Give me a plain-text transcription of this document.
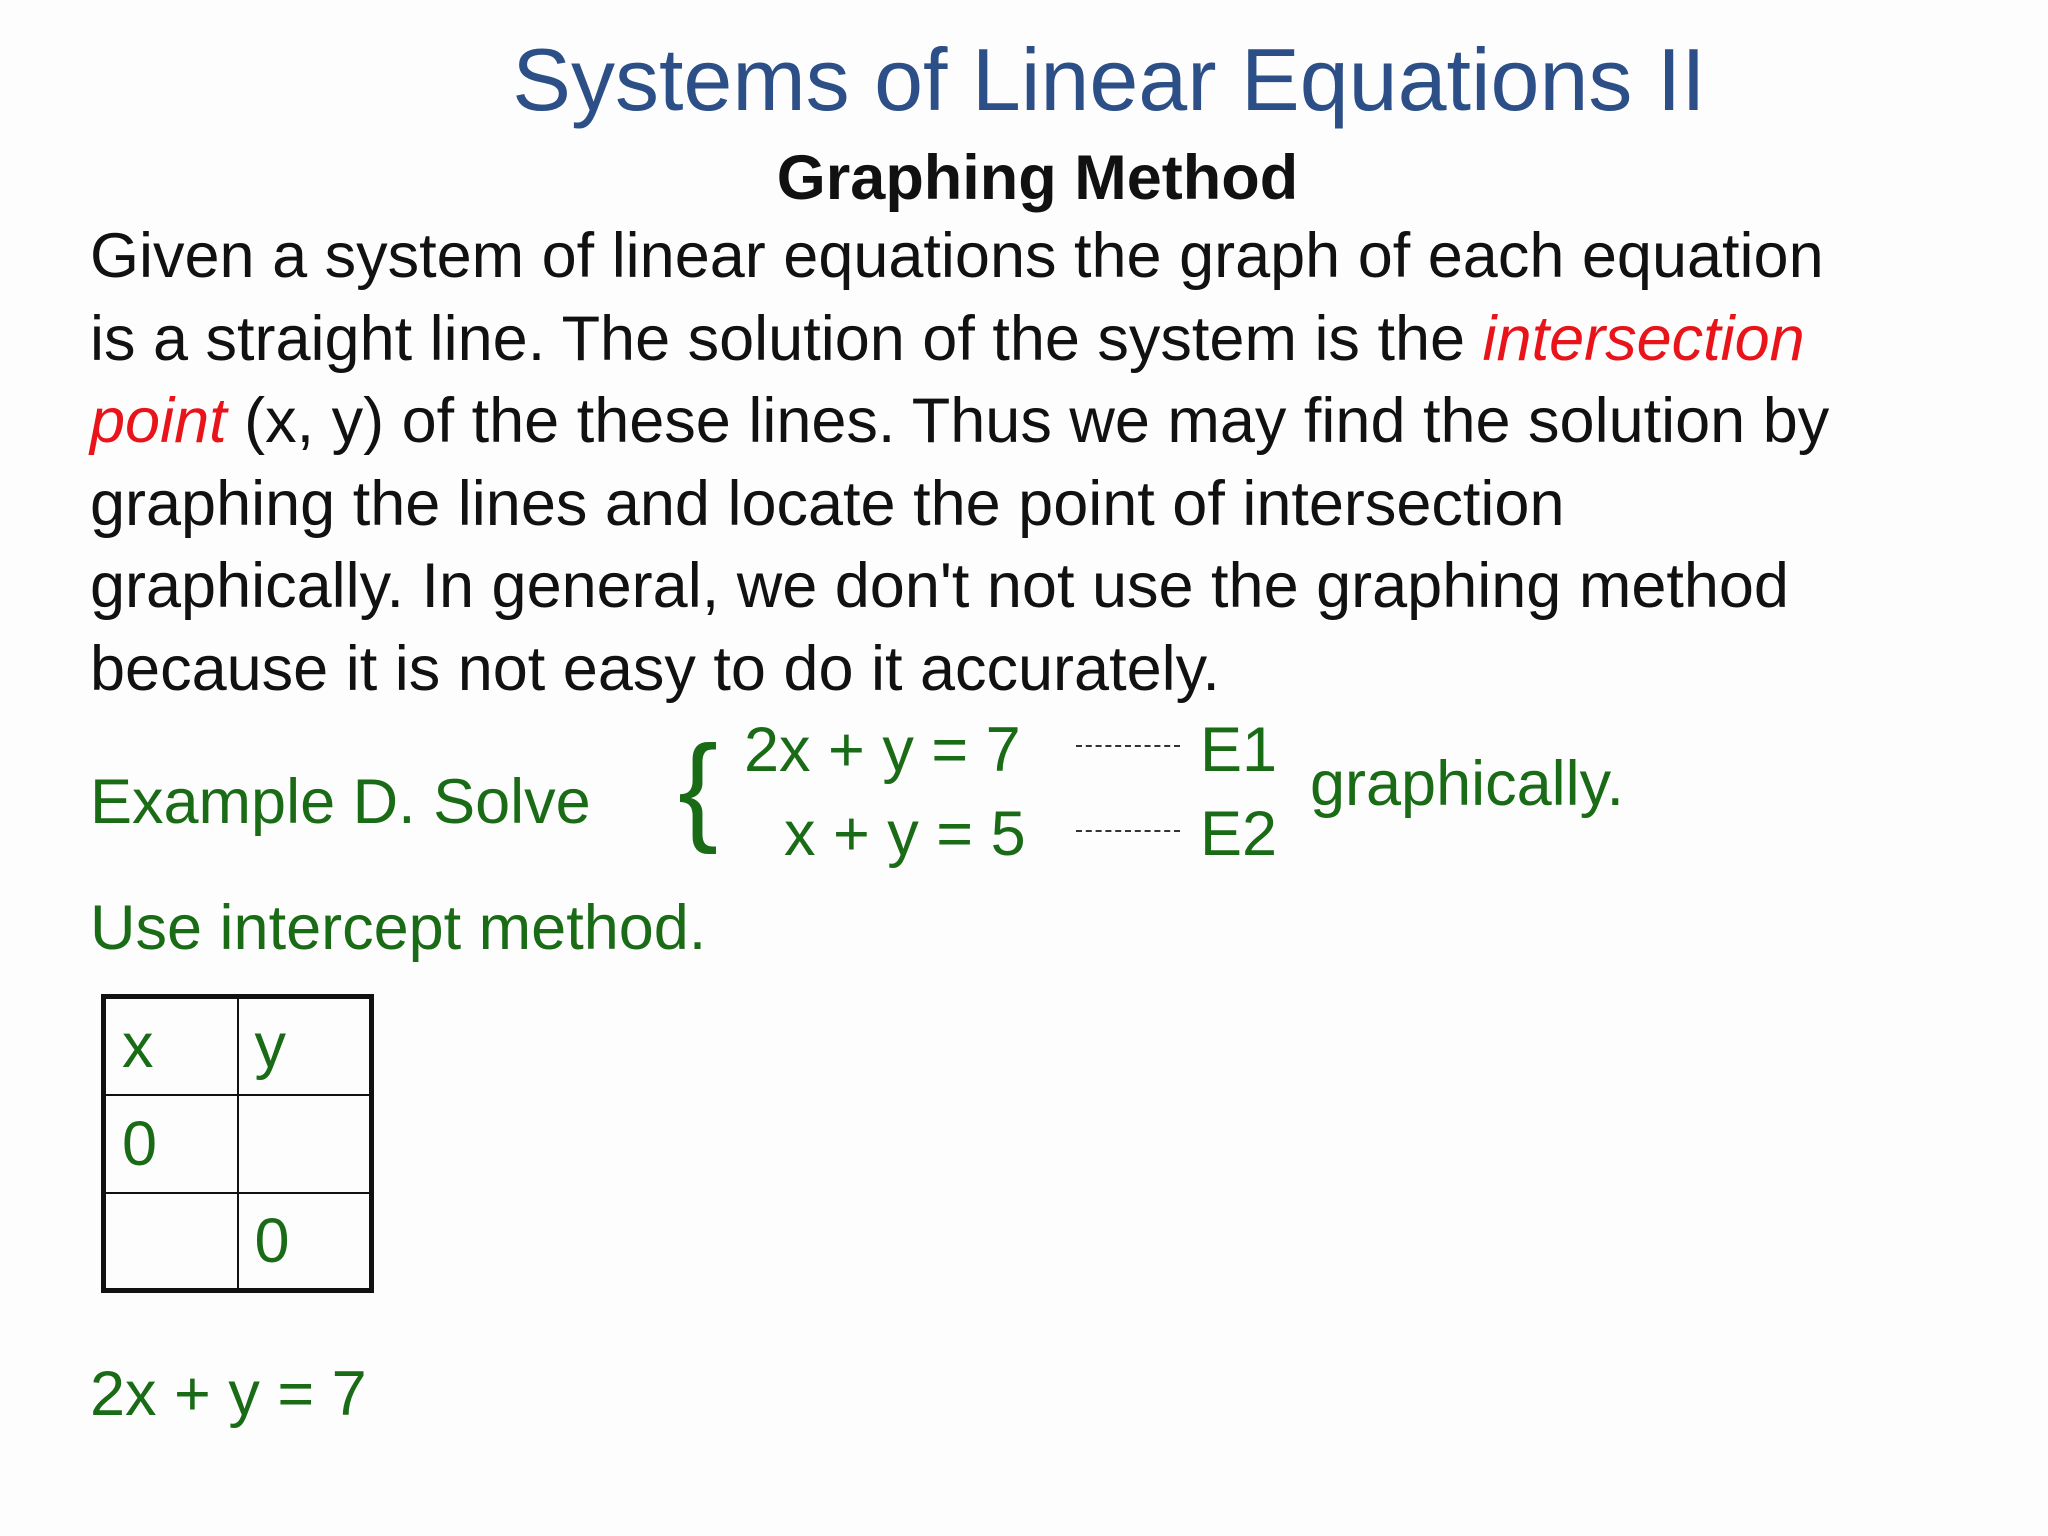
Systems of Linear Equations II
Graphing Method
Given a system of linear equations the graph of each equation
is a straight line. The solution of the system is the intersection
point (x, y) of the these lines. Thus we may find the solution by
graphing the lines and locate the point of intersection
graphically. In general, we don't not use the graphing method
because it is not easy to do it accurately.
Example D. Solve { 2x + y = 7
x + y = 5
E1
E2
graphically.
Use intercept method.
x	y
0	
	0
2x + y = 7
